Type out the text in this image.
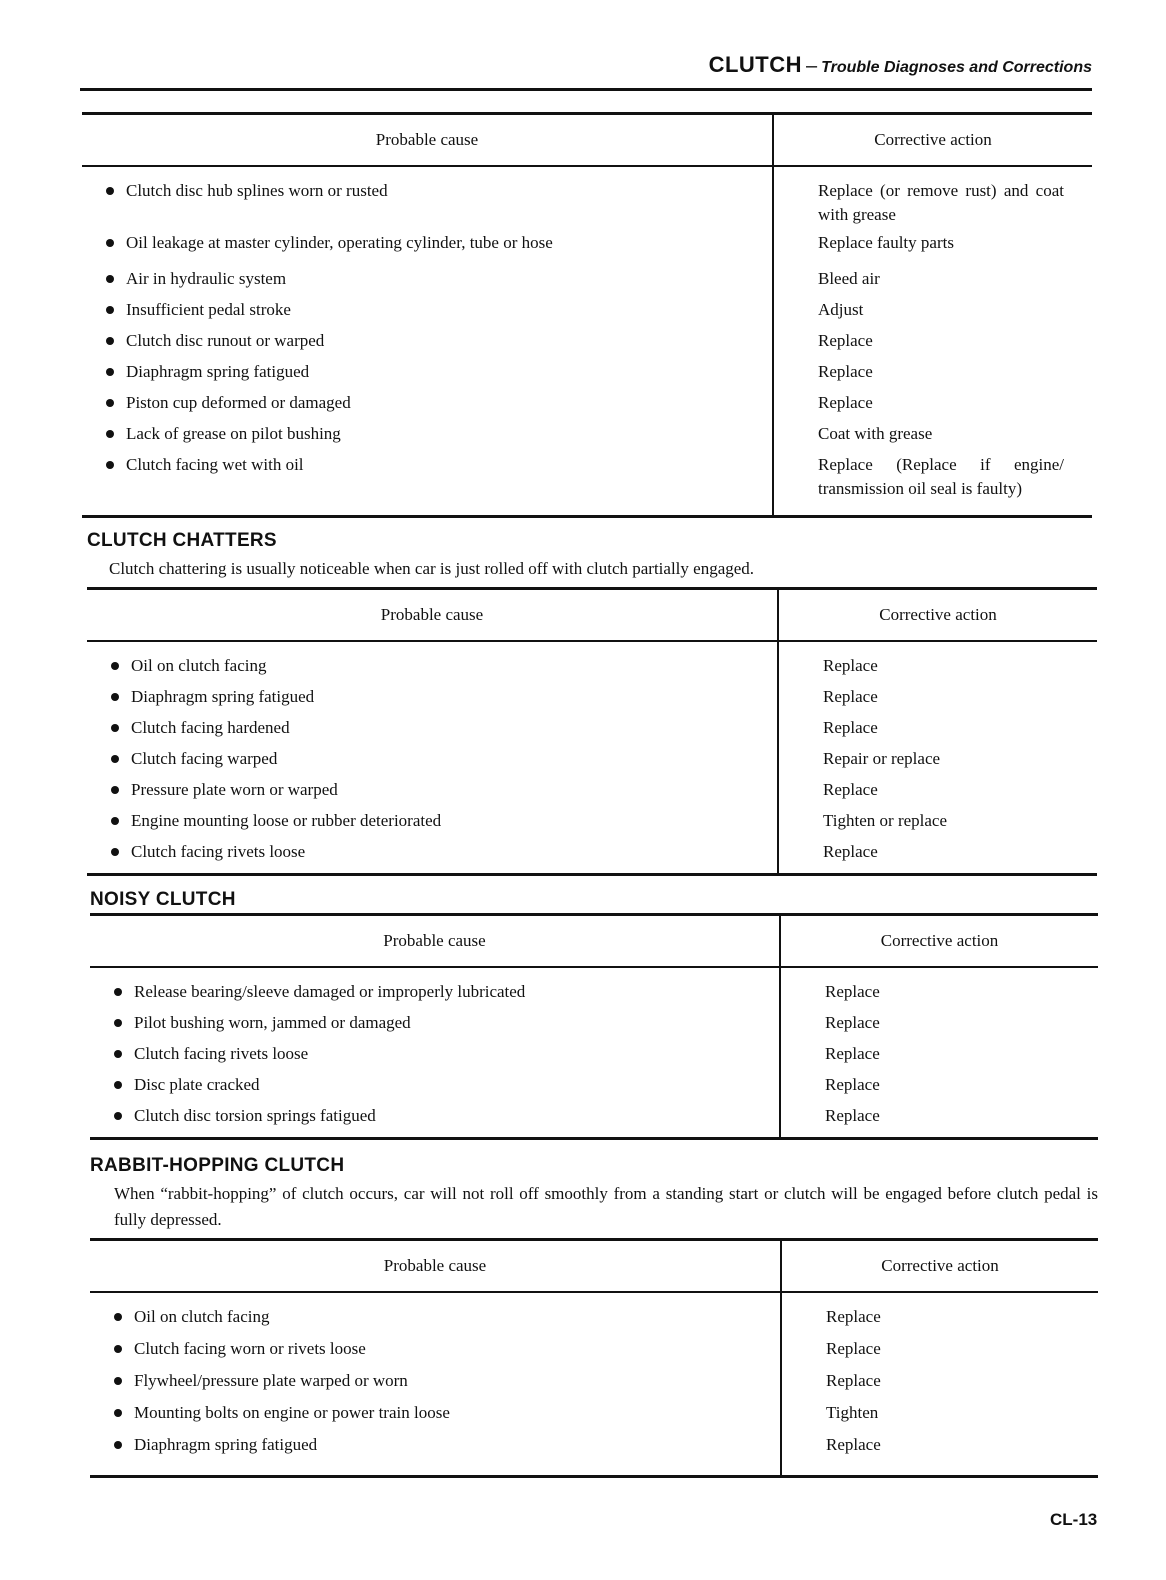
CLUTCH – Trouble Diagnoses and Corrections
Probable cause	Corrective action
Clutch disc hub splines worn or rusted	Replace (or remove rust) and coat with grease
Oil leakage at master cylinder, operating cylinder, tube or hose	Replace faulty parts
Air in hydraulic system	Bleed air
Insufficient pedal stroke	Adjust
Clutch disc runout or warped	Replace
Diaphragm spring fatigued	Replace
Piston cup deformed or damaged	Replace
Lack of grease on pilot bushing	Coat with grease
Clutch facing wet with oil	Replace (Replace if engine/ transmission oil seal is faulty)
CLUTCH CHATTERS

Clutch chattering is usually noticeable when car is just rolled off with clutch partially engaged.

Probable cause	Corrective action
Oil on clutch facing	Replace
Diaphragm spring fatigued	Replace
Clutch facing hardened	Replace
Clutch facing warped	Repair or replace
Pressure plate worn or warped	Replace
Engine mounting loose or rubber deteriorated	Tighten or replace
Clutch facing rivets loose	Replace
NOISY CLUTCH
Probable cause	Corrective action
Release bearing/sleeve damaged or improperly lubricated	Replace
Pilot bushing worn, jammed or damaged	Replace
Clutch facing rivets loose	Replace
Disc plate cracked	Replace
Clutch disc torsion springs fatigued	Replace
RABBIT-HOPPING CLUTCH

When “rabbit-hopping” of clutch occurs, car will not roll off smoothly from a standing start or clutch will be engaged before clutch pedal is fully depressed.

Probable cause	Corrective action
Oil on clutch facing	Replace
Clutch facing worn or rivets loose	Replace
Flywheel/pressure plate warped or worn	Replace
Mounting bolts on engine or power train loose	Tighten
Diaphragm spring fatigued	Replace
CL-13
